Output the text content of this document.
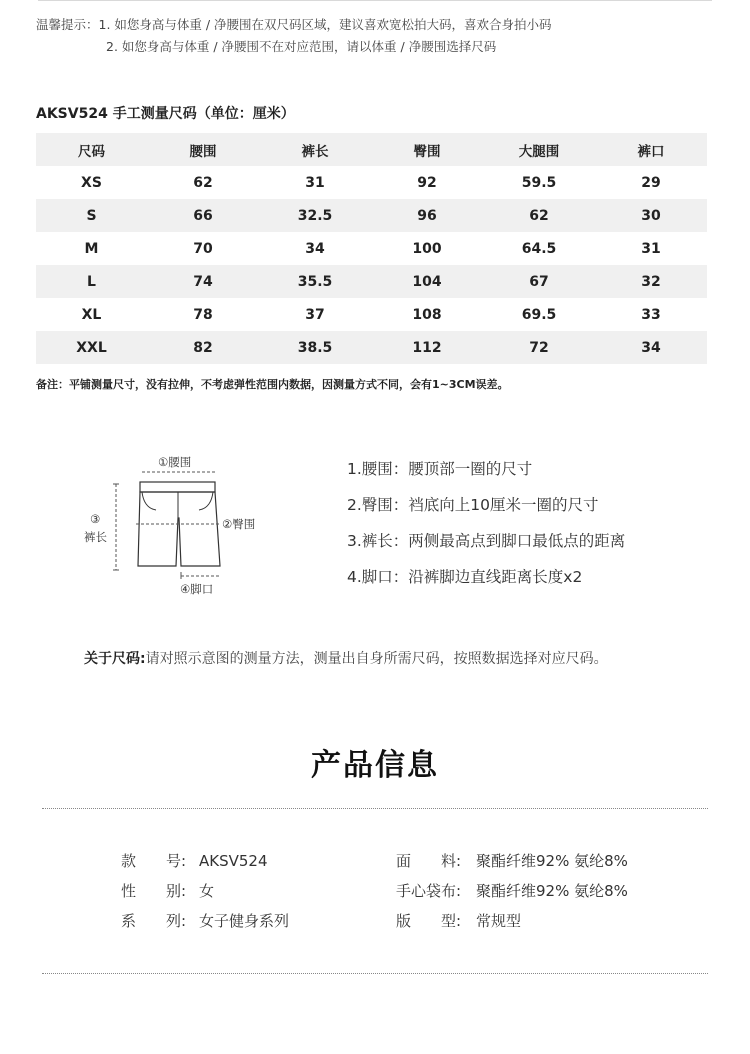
温馨提示：1. 如您身高与体重 / 净腰围在双尺码区域，建议喜欢宽松拍大码，喜欢合身拍小码
2. 如您身高与体重 / 净腰围不在对应范围，请以体重 / 净腰围选择尺码
AKSV524 手工测量尺码（单位：厘米）
尺码	腰围	裤长	臀围	大腿围	裤口
XS	62	31	92	59.5	29
S	66	32.5	96	62	30
M	70	34	100	64.5	31
L	74	35.5	104	67	32
XL	78	37	108	69.5	33
XXL	82	38.5	112	72	34
备注：平铺测量尺寸，没有拉伸，不考虑弹性范围内数据，因测量方式不同，会有1~3CM误差。
①腰围
②臀围
③
裤长
④脚口
1.腰围：腰顶部一圈的尺寸
2.臀围：裆底向上10厘米一圈的尺寸
3.裤长：两侧最高点到脚口最低点的距离
4.脚口：沿裤脚边直线距离长度x2
关于尺码:请对照示意图的测量方法，测量出自身所需尺码，按照数据选择对应尺码。
产品信息
款　　号: AKSV524
性　　别: 女
系　　列: 女子健身系列
面　　料: 聚酯纤维92% 氨纶8%
手心袋布: 聚酯纤维92% 氨纶8%
版　　型: 常规型
